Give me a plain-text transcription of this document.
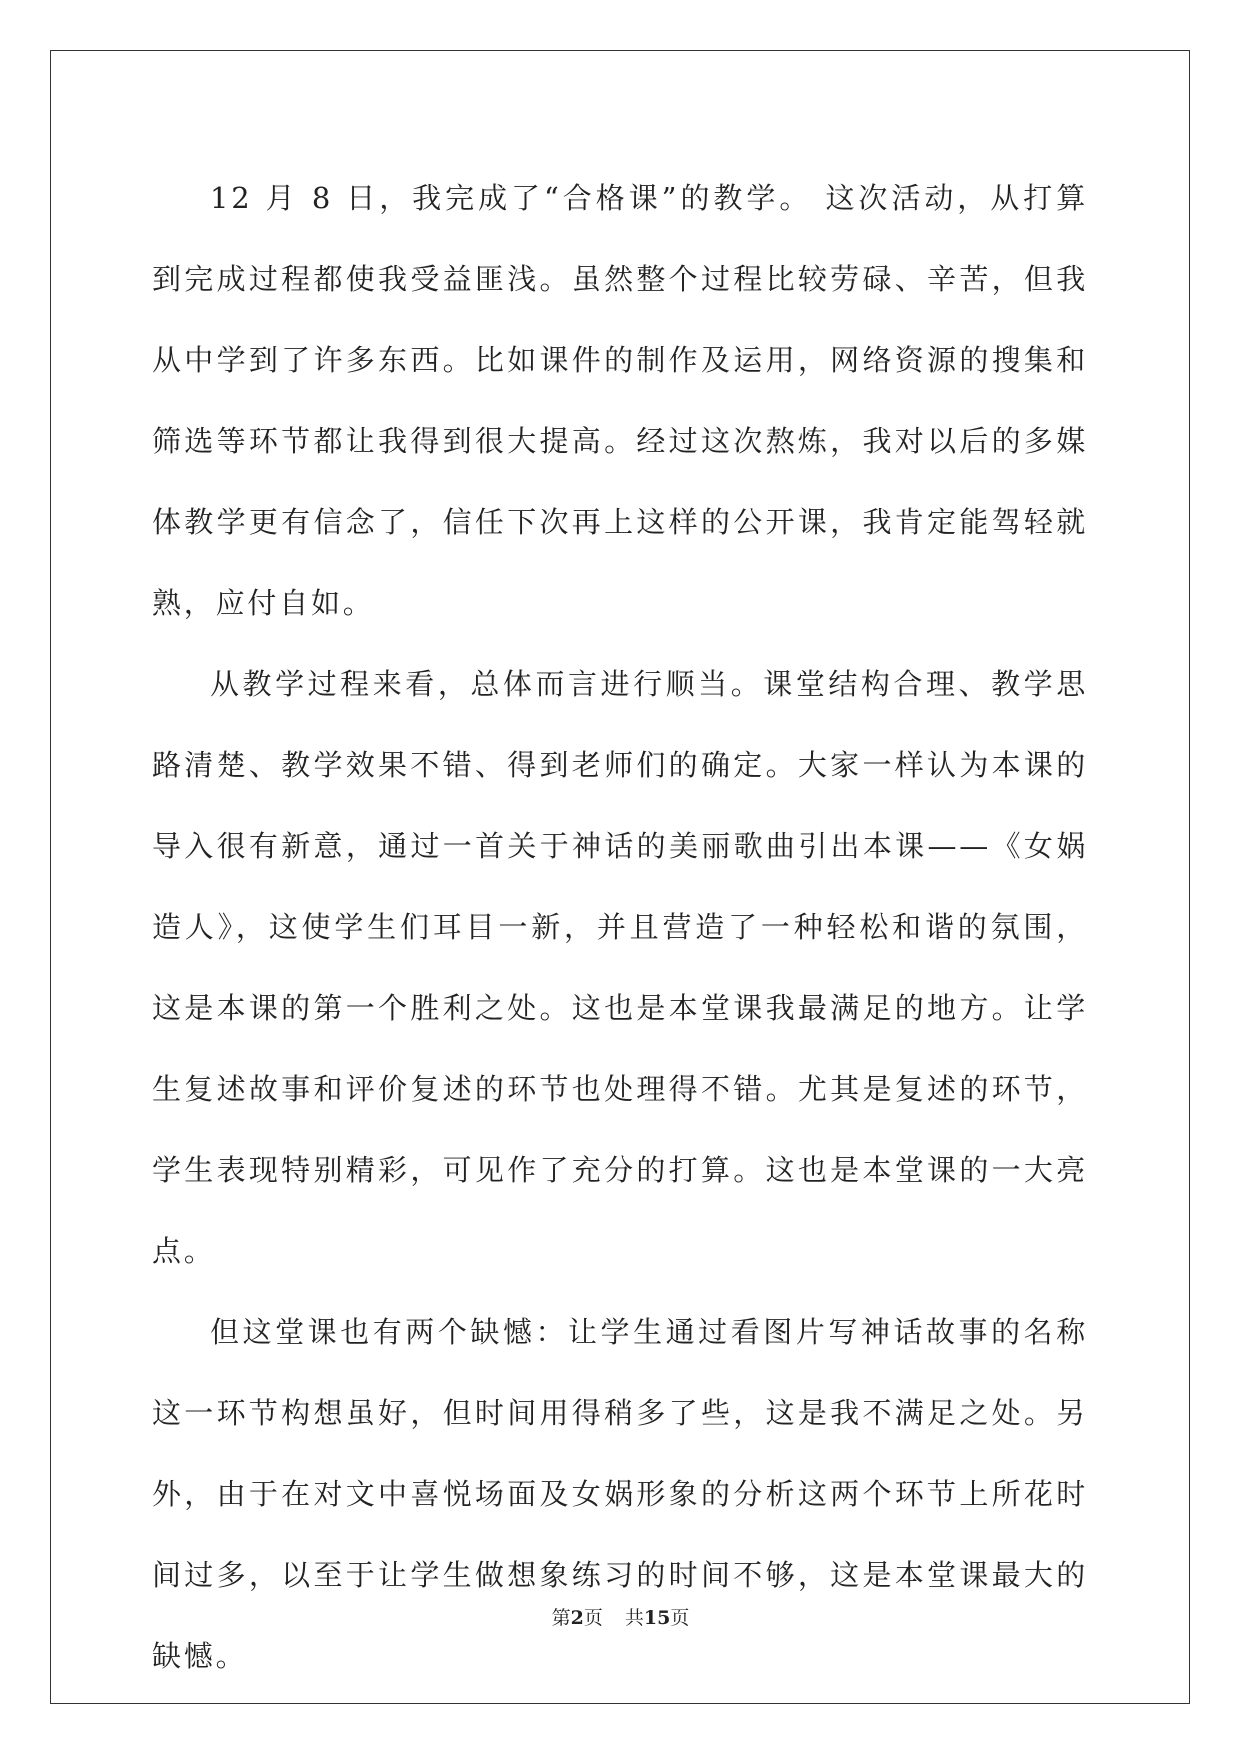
12 月 8 日，我完成了“合格课”的教学。 这次活动，从打算到完成过程都使我受益匪浅。虽然整个过程比较劳碌、辛苦，但我从中学到了许多东西。比如课件的制作及运用，网络资源的搜集和筛选等环节都让我得到很大提高。经过这次熬炼，我对以后的多媒体教学更有信念了，信任下次再上这样的公开课，我肯定能驾轻就熟，应付自如。

从教学过程来看，总体而言进行顺当。课堂结构合理、教学思路清楚、教学效果不错、得到老师们的确定。大家一样认为本课的导入很有新意，通过一首关于神话的美丽歌曲引出本课——《女娲造人》，这使学生们耳目一新，并且营造了一种轻松和谐的氛围，这是本课的第一个胜利之处。这也是本堂课我最满足的地方。让学生复述故事和评价复述的环节也处理得不错。尤其是复述的环节，学生表现特别精彩，可见作了充分的打算。这也是本堂课的一大亮点。

但这堂课也有两个缺憾：让学生通过看图片写神话故事的名称这一环节构想虽好，但时间用得稍多了些，这是我不满足之处。另外，由于在对文中喜悦场面及女娲形象的分析这两个环节上所花时间过多，以至于让学生做想象练习的时间不够，这是本堂课最大的缺憾。

第2页 共15页
